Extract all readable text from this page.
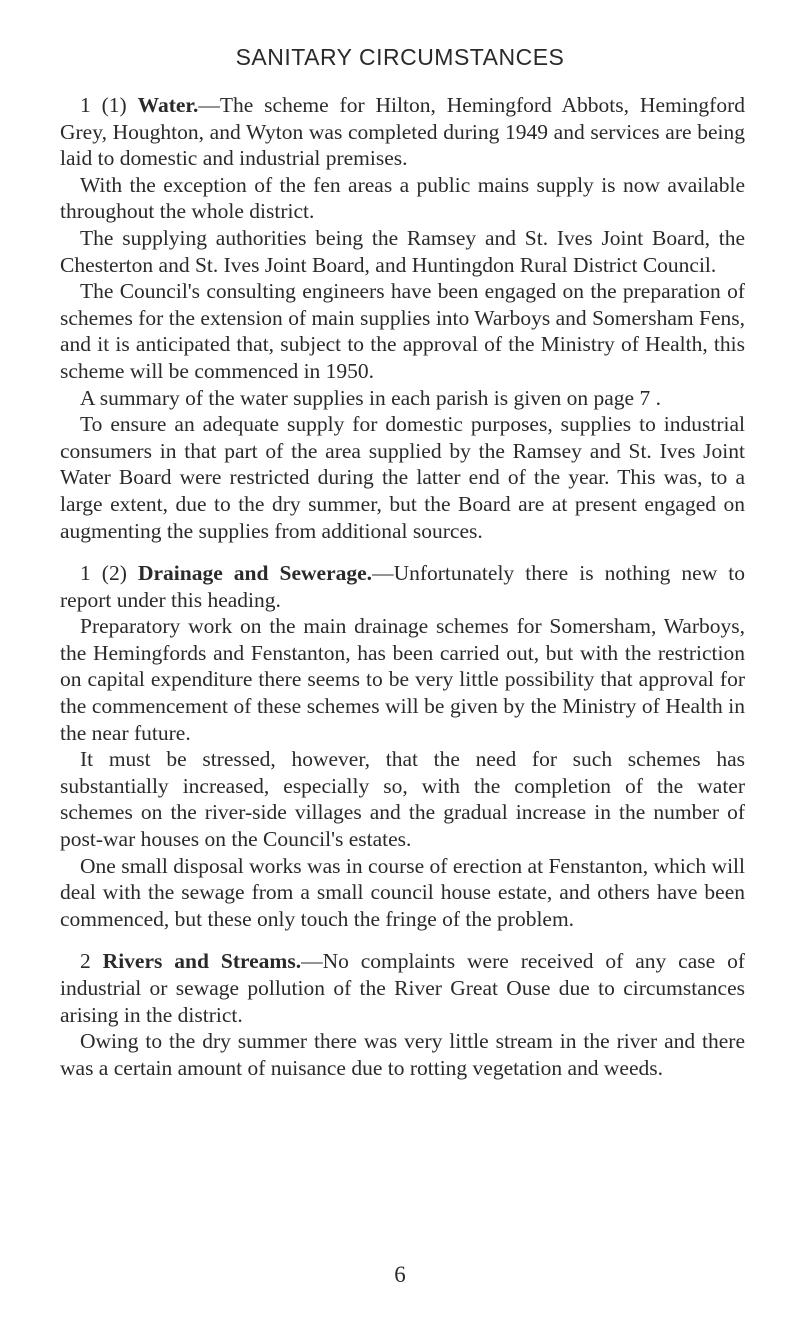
SANITARY CIRCUMSTANCES

1 (1) Water.—The scheme for Hilton, Hemingford Abbots, Hemingford Grey, Houghton, and Wyton was completed during 1949 and services are being laid to domestic and industrial premises.

With the exception of the fen areas a public mains supply is now available throughout the whole district.

The supplying authorities being the Ramsey and St. Ives Joint Board, the Chesterton and St. Ives Joint Board, and Huntingdon Rural District Council.

The Council's consulting engineers have been engaged on the preparation of schemes for the extension of main supplies into Warboys and Somersham Fens, and it is anticipated that, subject to the approval of the Ministry of Health, this scheme will be commenced in 1950.

A summary of the water supplies in each parish is given on page 7 .

To ensure an adequate supply for domestic purposes, supplies to industrial consumers in that part of the area supplied by the Ramsey and St. Ives Joint Water Board were restricted during the latter end of the year. This was, to a large extent, due to the dry summer, but the Board are at present engaged on augmenting the supplies from additional sources.

1 (2) Drainage and Sewerage.—Unfortunately there is nothing new to report under this heading.

Preparatory work on the main drainage schemes for Somersham, Warboys, the Hemingfords and Fenstanton, has been carried out, but with the restriction on capital expenditure there seems to be very little possibility that approval for the commencement of these schemes will be given by the Ministry of Health in the near future.

It must be stressed, however, that the need for such schemes has substantially increased, especially so, with the completion of the water schemes on the river-side villages and the gradual increase in the number of post-war houses on the Council's estates.

One small disposal works was in course of erection at Fenstanton, which will deal with the sewage from a small council house estate, and others have been commenced, but these only touch the fringe of the problem.

2 Rivers and Streams.—No complaints were received of any case of industrial or sewage pollution of the River Great Ouse due to circumstances arising in the district.

Owing to the dry summer there was very little stream in the river and there was a certain amount of nuisance due to rotting vegetation and weeds.

6
